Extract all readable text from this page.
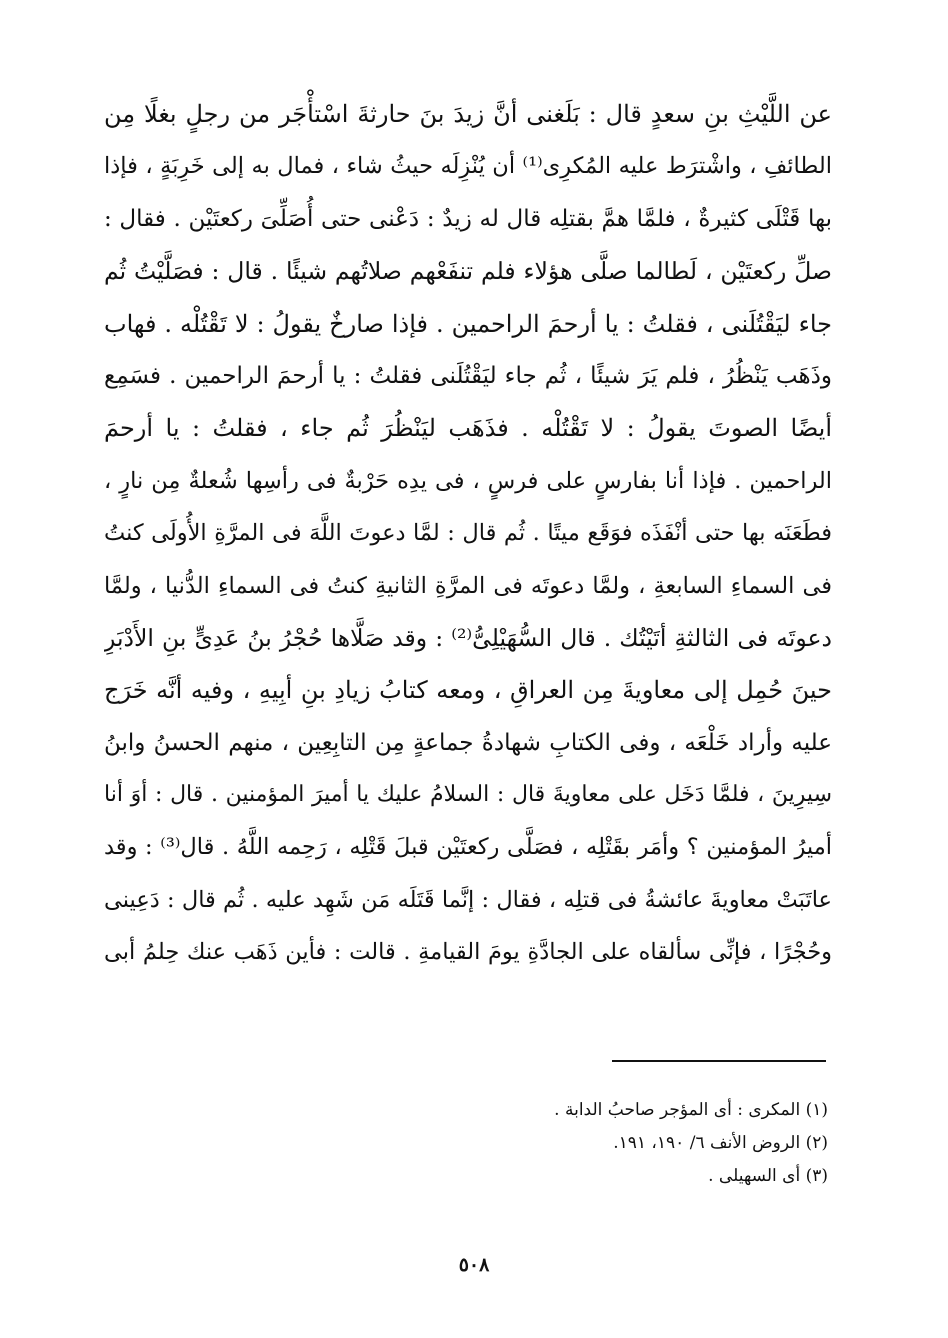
عن اللَّيْثِ بنِ سعدٍ قال : بَلَغنى أنَّ زيدَ بنَ حارثةَ اسْتأْجَر من رجلٍ بغلًا مِن
الطائفِ ، واشْترَط عليه المُكرِى⁽¹⁾ أن يُنْزِلَه حيثُ شاء ، فمال به إلى خَرِبَةٍ ، فإذا
بها قَتْلَى كثيرةٌ ، فلمَّا همَّ بقتلِه قال له زيدٌ : دَعْنى حتى أُصَلِّىَ ركعتَيْن . فقال :
صلِّ ركعتَيْن ، لَطالما صلَّى هؤلاء فلم تنفَعْهم صلاتُهم شيئًا . قال : فصَلَّيْتُ ثُم
جاء ليَقْتُلَنى ، فقلتُ : يا أرحمَ الراحمين . فإذا صارخٌ يقولُ : لا تَقْتُلْه . فهاب
وذَهَب يَنْظُرُ ، فلم يَرَ شيئًا ، ثُم جاء ليَقْتُلَنى فقلتُ : يا أرحمَ الراحمين . فسَمِع
أيضًا الصوتَ يقولُ : لا تَقْتُلْه . فذَهَب ليَنْظُرَ ثُم جاء ، فقلتُ : يا أرحمَ
الراحمين . فإذا أنا بفارسٍ على فرسٍ ، فى يدِه حَرْبةٌ فى رأسِها شُعلةٌ مِن نارٍ ،
فطَعَنَه بها حتى أنْفَذَه فوَقَع ميتًا . ثُم قال : لمَّا دعوتَ اللَّهَ فى المرَّةِ الأُولَى كنتُ
فى السماءِ السابعةِ ، ولمَّا دعوتَه فى المرَّةِ الثانيةِ كنتُ فى السماءِ الدُّنيا ، ولمَّا
دعوتَه فى الثالثةِ أتَيْتُك . قال السُّهَيْلِىُّ⁽²⁾ : وقد صَلَّاها حُجْرُ بنُ عَدِىٍّ بنِ الأَدْبَرِ
حينَ حُمِل إلى معاويةَ مِن العراقِ ، ومعه كتابُ زيادِ بنِ أبِيهِ ، وفيه أنَّه خَرَج
عليه وأراد خَلْعَه ، وفى الكتابِ شهادةُ جماعةٍ مِن التابِعِين ، منهم الحسنُ وابنُ
سِيرِينَ ، فلمَّا دَخَل على معاويةَ قال : السلامُ عليك يا أميرَ المؤمنين . قال : أوَ أنا
أميرُ المؤمنين ؟ وأمَر بقَتْلِه ، فصَلَّى ركعتَيْن قبلَ قَتْلِه ، رَحِمه اللَّهُ . قال⁽³⁾ : وقد
عاتَبَتْ معاويةَ عائشةُ فى قتلِه ، فقال : إنَّما قَتَلَه مَن شَهِد عليه . ثُم قال : دَعِينى
وحُجْرًا ، فإنِّى سألقاه على الجادَّةِ يومَ القيامةِ . قالت : فأين ذَهَب عنك حِلمُ أبى
(١) المكرى : أى المؤجر صاحبُ الدابة .
(٢) الروض الأنف ٦/ ١٩٠، ١٩١.
(٣) أى السهيلى .
٥٠٨
